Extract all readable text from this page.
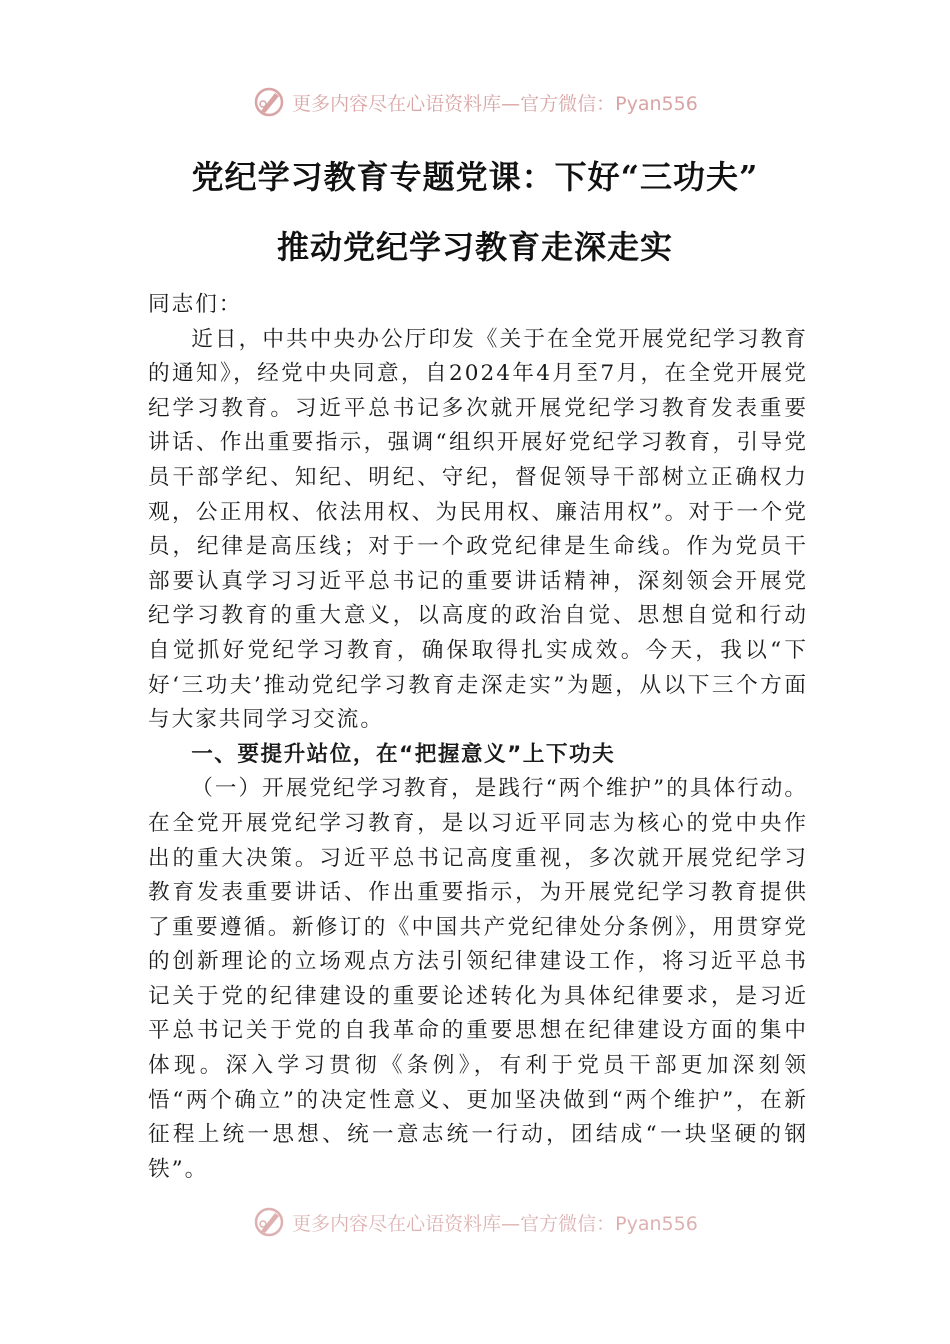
更多内容尽在心语资料库—官方微信：Pyan556
党纪学习教育专题党课：下好“三功夫”
推动党纪学习教育走深走实

同志们：

近日，中共中央办公厅印发《关于在全党开展党纪学习教育的通知》，经党中央同意，自2024年4月至7月，在全党开展党纪学习教育。习近平总书记多次就开展党纪学习教育发表重要讲话、作出重要指示，强调“组织开展好党纪学习教育，引导党员干部学纪、知纪、明纪、守纪，督促领导干部树立正确权力观，公正用权、依法用权、为民用权、廉洁用权”。对于一个党员，纪律是高压线；对于一个政党纪律是生命线。作为党员干部要认真学习习近平总书记的重要讲话精神，深刻领会开展党纪学习教育的重大意义，以高度的政治自觉、思想自觉和行动自觉抓好党纪学习教育，确保取得扎实成效。今天，我以“下好‘三功夫’推动党纪学习教育走深走实”为题，从以下三个方面与大家共同学习交流。

一、要提升站位，在“把握意义”上下功夫

（一）开展党纪学习教育，是践行“两个维护”的具体行动。在全党开展党纪学习教育，是以习近平同志为核心的党中央作出的重大决策。习近平总书记高度重视，多次就开展党纪学习教育发表重要讲话、作出重要指示，为开展党纪学习教育提供了重要遵循。新修订的《中国共产党纪律处分条例》，用贯穿党的创新理论的立场观点方法引领纪律建设工作，将习近平总书记关于党的纪律建设的重要论述转化为具体纪律要求，是习近平总书记关于党的自我革命的重要思想在纪律建设方面的集中体现。深入学习贯彻《条例》，有利于党员干部更加深刻领悟“两个确立”的决定性意义、更加坚决做到“两个维护”，在新征程上统一思想、统一意志统一行动，团结成“一块坚硬的钢铁”。

更多内容尽在心语资料库—官方微信：Pyan556
